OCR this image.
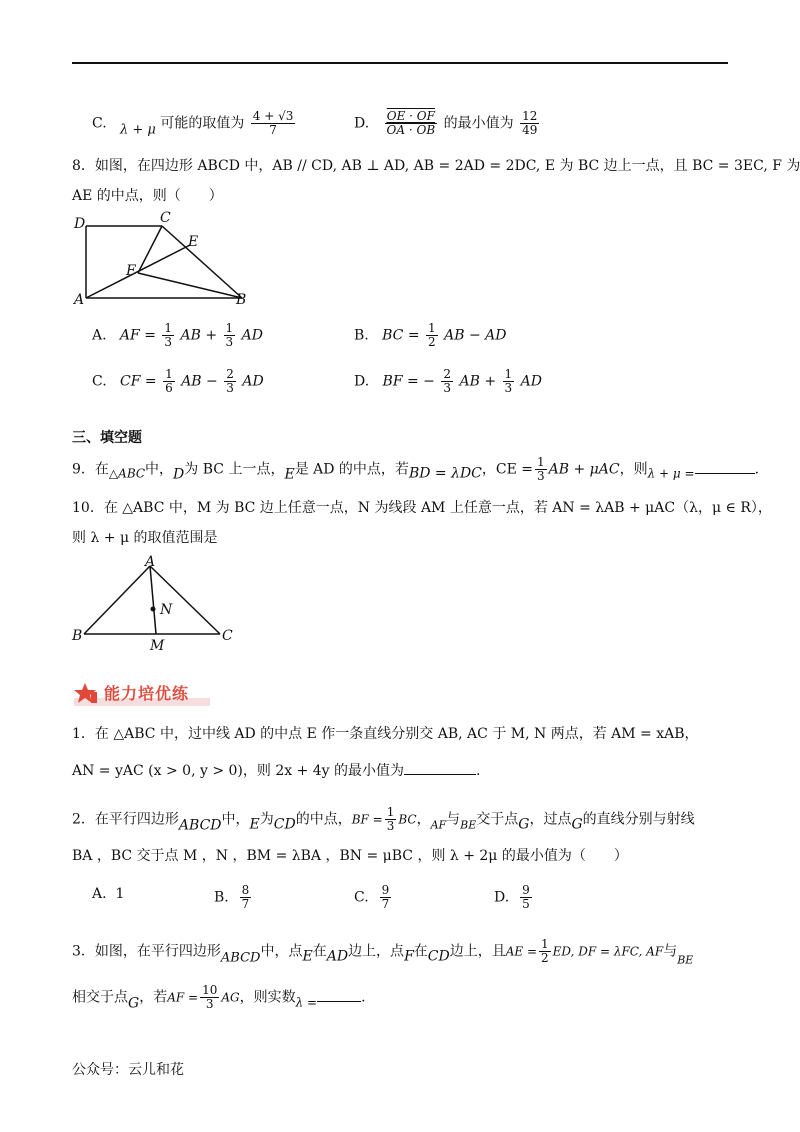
C. λ + μ 可能的取值为 $\frac{4 + √3}{7}$	D. $\frac{OE \cdot OF}{OA \cdot OB}$ 的最小值为 $\frac{12}{49}$
8．如图，在四边形 ABCD 中，AB // CD, AB ⊥ AD, AB = 2AD = 2DC, E 为 BC 边上一点，且 BC = 3EC, F 为
AE 的中点，则（　　）
D	C
E
F
A	B
A. AF = $\frac{1}{3}$ AB + $\frac{1}{3}$ AD	B. BC = $\frac{1}{2}$ AB − AD
C. CF = $\frac{1}{6}$ AB − $\frac{2}{3}$ AD	D. BF = − $\frac{2}{3}$ AB + $\frac{1}{3}$ AD
三、填空题
9．在△ABC中，D为 BC 上一点，E是 AD 的中点，若BD = λDC，CE = $\frac{1}{3}$ AB + μAC，则λ + μ =	.
10．在 △ABC 中，M 为 BC 边上任意一点，N 为线段 AM 上任意一点，若 AN = λAB + μAC（λ，μ ∈ R），
则 λ + μ 的取值范围是
A
N
B
M
C
能力培优练
1．在 △ABC 中，过中线 AD 的中点 E 作一条直线分别交 AB, AC 于 M, N 两点，若 AM = xAB，
AN = yAC (x > 0, y > 0)，则 2x + 4y 的最小值为	.
2．在平行四边形ABCD中，E为CD的中点，BF = $\frac{1}{3}$ BC，$_{AF}$与$_{BE}$交于点G，过点G的直线分别与射线
BA ，BC 交于点 M ，N ，BM = λBA ，BN = μBC ，则 λ + 2μ 的最小值为（　　）
A. 1	B. $\frac{8}{7}$	C. $\frac{9}{7}$	D. $\frac{9}{5}$
3．如图，在平行四边形ABCD中，点E在AD边上，点F在CD边上，且AE = $\frac{1}{2}$ ED, DF = λFC, AF与$_{BE}$
相交于点G，若AF = $\frac{10}{3}$ AG，则实数λ =	.
公众号：云儿和花
